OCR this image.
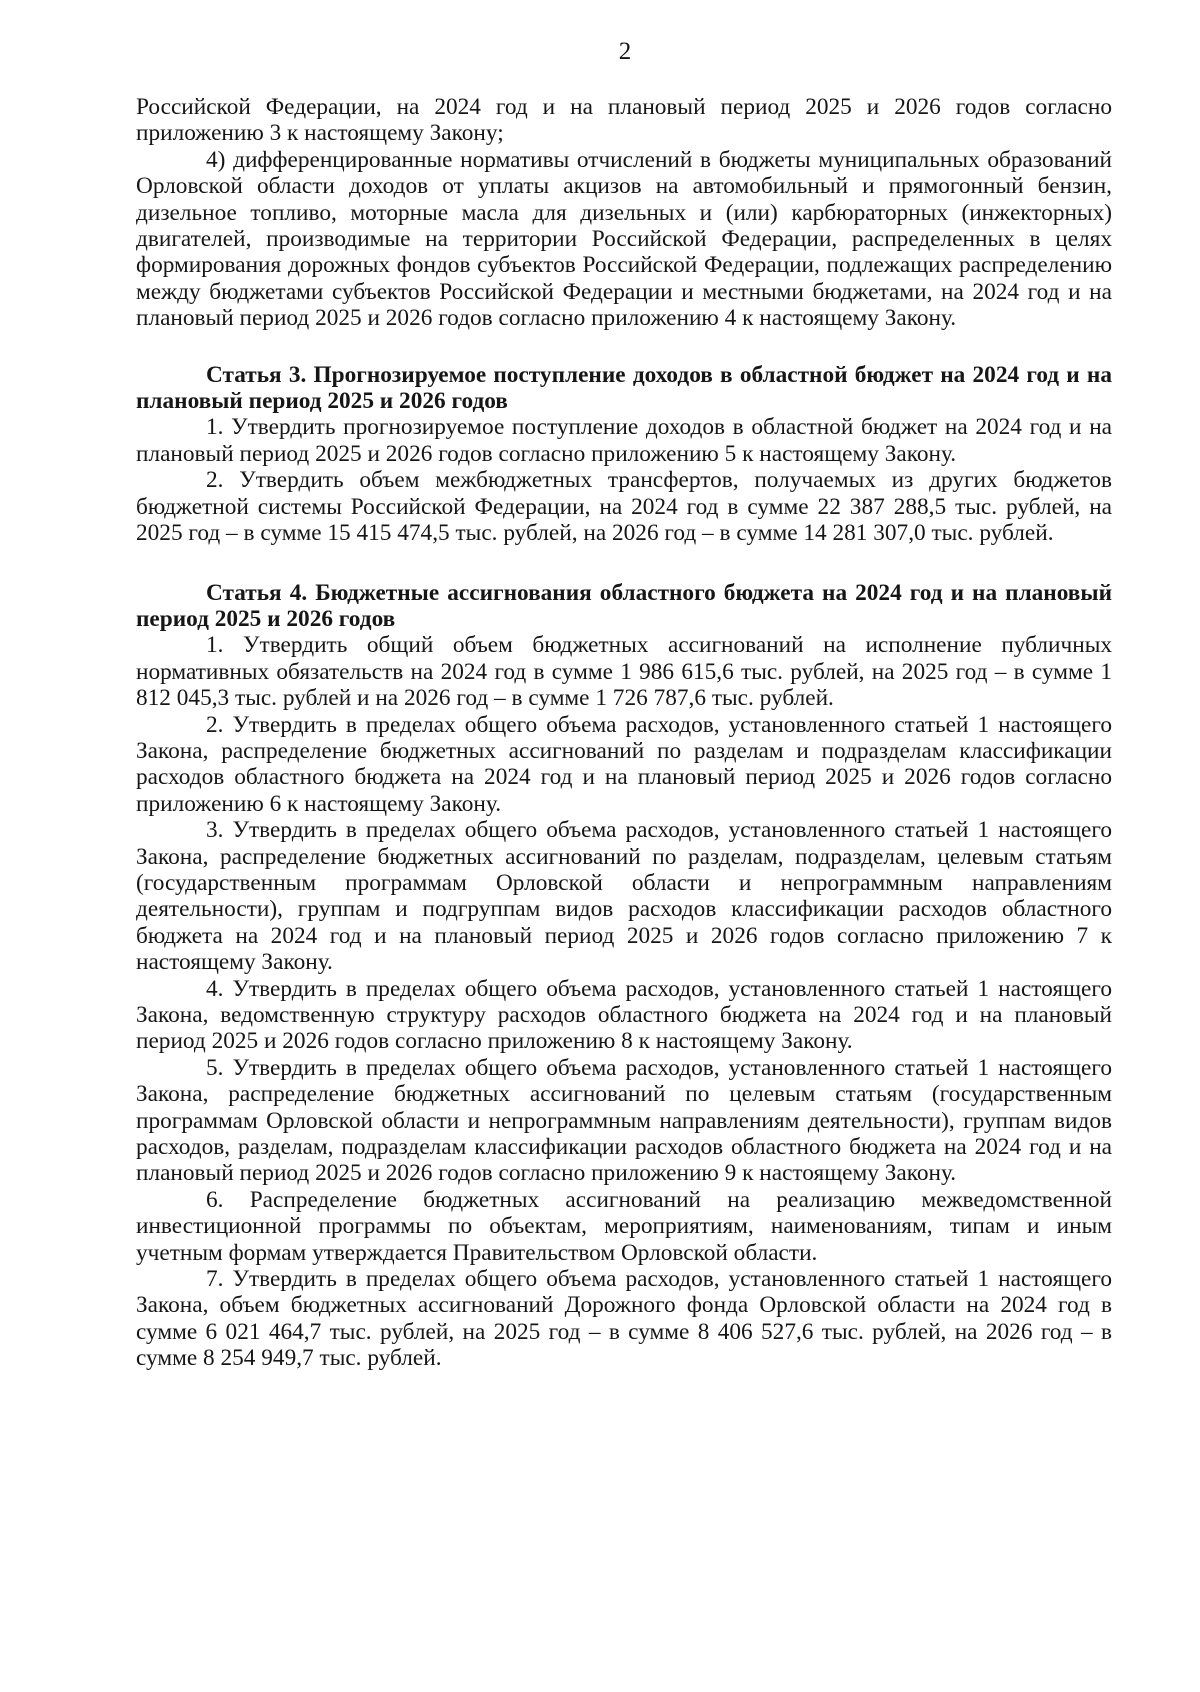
2

Российской Федерации, на 2024 год и на плановый период 2025 и 2026 годов согласно приложению 3 к настоящему Закону;

4) дифференцированные нормативы отчислений в бюджеты муниципальных образований Орловской области доходов от уплаты акцизов на автомобильный и прямогонный бензин, дизельное топливо, моторные масла для дизельных и (или) карбюраторных (инжекторных) двигателей, производимые на территории Российской Федерации, распределенных в целях формирования дорожных фондов субъектов Российской Федерации, подлежащих распределению между бюджетами субъектов Российской Федерации и местными бюджетами, на 2024 год и на плановый период 2025 и 2026 годов согласно приложению 4 к настоящему Закону.

Статья 3. Прогнозируемое поступление доходов в областной бюджет на 2024 год и на плановый период 2025 и 2026 годов

1. Утвердить прогнозируемое поступление доходов в областной бюджет на 2024 год и на плановый период 2025 и 2026 годов согласно приложению 5 к настоящему Закону.

2. Утвердить объем межбюджетных трансфертов, получаемых из других бюджетов бюджетной системы Российской Федерации, на 2024 год в сумме 22 387 288,5 тыс. рублей, на 2025 год – в сумме 15 415 474,5 тыс. рублей, на 2026 год – в сумме 14 281 307,0 тыс. рублей.

Статья 4. Бюджетные ассигнования областного бюджета на 2024 год и на плановый период 2025 и 2026 годов

1. Утвердить общий объем бюджетных ассигнований на исполнение публичных нормативных обязательств на 2024 год в сумме 1 986 615,6 тыс. рублей, на 2025 год – в сумме 1 812 045,3 тыс. рублей и на 2026 год – в сумме 1 726 787,6 тыс. рублей.

2. Утвердить в пределах общего объема расходов, установленного статьей 1 настоящего Закона, распределение бюджетных ассигнований по разделам и подразделам классификации расходов областного бюджета на 2024 год и на плановый период 2025 и 2026 годов согласно приложению 6 к настоящему Закону.

3. Утвердить в пределах общего объема расходов, установленного статьей 1 настоящего Закона, распределение бюджетных ассигнований по разделам, подразделам, целевым статьям (государственным программам Орловской области и непрограммным направлениям деятельности), группам и подгруппам видов расходов классификации расходов областного бюджета на 2024 год и на плановый период 2025 и 2026 годов согласно приложению 7 к настоящему Закону.

4. Утвердить в пределах общего объема расходов, установленного статьей 1 настоящего Закона, ведомственную структуру расходов областного бюджета на 2024 год и на плановый период 2025 и 2026 годов согласно приложению 8 к настоящему Закону.

5. Утвердить в пределах общего объема расходов, установленного статьей 1 настоящего Закона, распределение бюджетных ассигнований по целевым статьям (государственным программам Орловской области и непрограммным направлениям деятельности), группам видов расходов, разделам, подразделам классификации расходов областного бюджета на 2024 год и на плановый период 2025 и 2026 годов согласно приложению 9 к настоящему Закону.

6. Распределение бюджетных ассигнований на реализацию межведомственной инвестиционной программы по объектам, мероприятиям, наименованиям, типам и иным учетным формам утверждается Правительством Орловской области.

7. Утвердить в пределах общего объема расходов, установленного статьей 1 настоящего Закона, объем бюджетных ассигнований Дорожного фонда Орловской области на 2024 год в сумме 6 021 464,7 тыс. рублей, на 2025 год – в сумме 8 406 527,6 тыс. рублей, на 2026 год – в сумме 8 254 949,7 тыс. рублей.
